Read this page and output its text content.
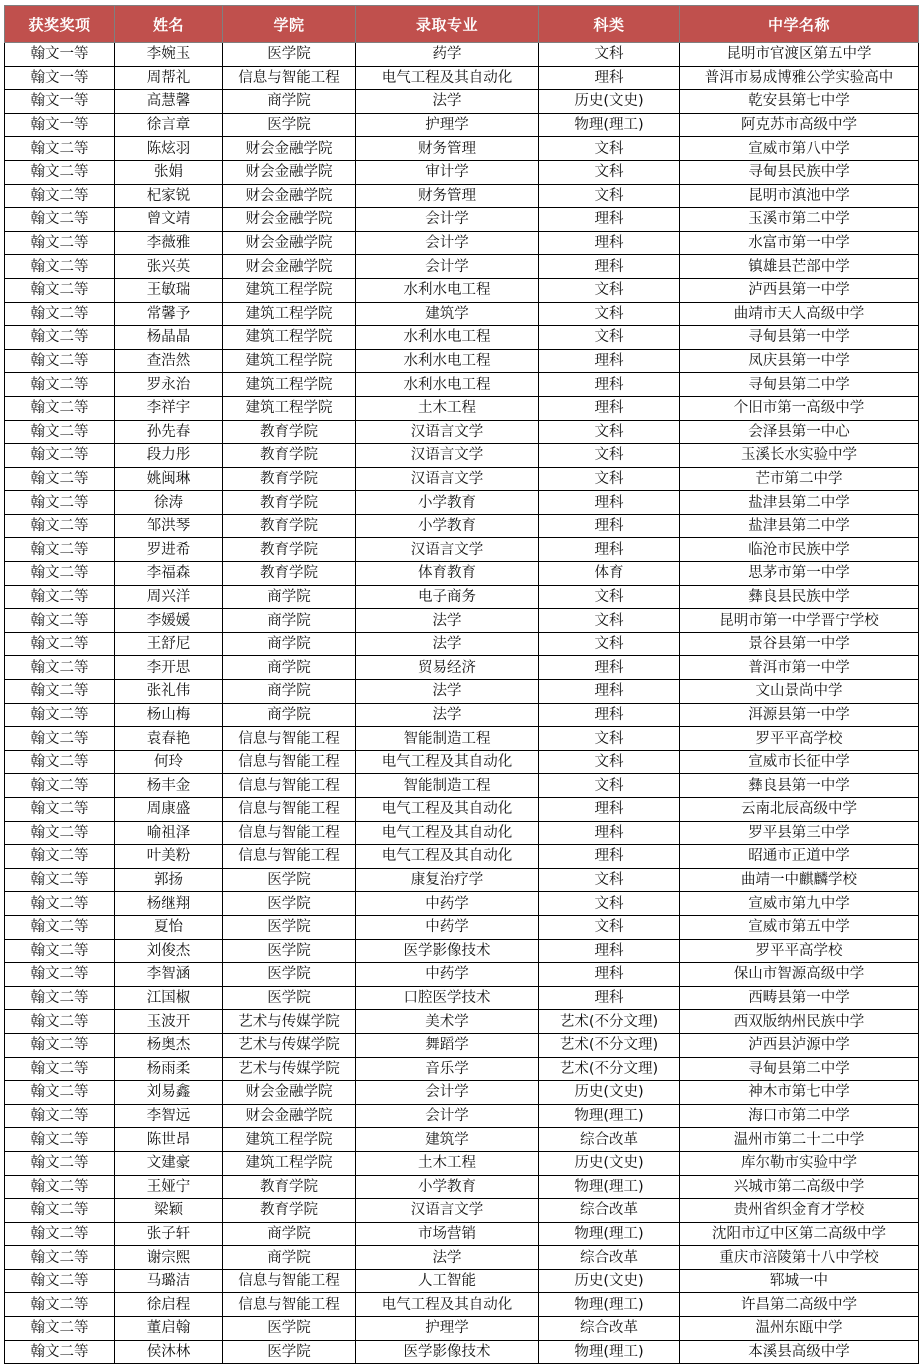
获奖奖项	姓名	学院	录取专业	科类	中学名称
翰文一等	李婉玉	医学院	药学	文科	昆明市官渡区第五中学
翰文一等	周帮礼	信息与智能工程	电气工程及其自动化	理科	普洱市易成博雅公学实验高中
翰文一等	高慧馨	商学院	法学	历史(文史)	乾安县第七中学
翰文一等	徐言章	医学院	护理学	物理(理工)	阿克苏市高级中学
翰文二等	陈炫羽	财会金融学院	财务管理	文科	宣威市第八中学
翰文二等	张娟	财会金融学院	审计学	文科	寻甸县民族中学
翰文二等	杞家锐	财会金融学院	财务管理	文科	昆明市滇池中学
翰文二等	曾文靖	财会金融学院	会计学	理科	玉溪市第二中学
翰文二等	李薇雅	财会金融学院	会计学	理科	水富市第一中学
翰文二等	张兴英	财会金融学院	会计学	理科	镇雄县芒部中学
翰文二等	王敏瑞	建筑工程学院	水利水电工程	文科	泸西县第一中学
翰文二等	常馨予	建筑工程学院	建筑学	文科	曲靖市天人高级中学
翰文二等	杨晶晶	建筑工程学院	水利水电工程	文科	寻甸县第一中学
翰文二等	查浩然	建筑工程学院	水利水电工程	理科	凤庆县第一中学
翰文二等	罗永治	建筑工程学院	水利水电工程	理科	寻甸县第二中学
翰文二等	李祥宇	建筑工程学院	土木工程	理科	个旧市第一高级中学
翰文二等	孙先春	教育学院	汉语言文学	文科	会泽县第一中心
翰文二等	段力彤	教育学院	汉语言文学	文科	玉溪长水实验中学
翰文二等	姚闽琳	教育学院	汉语言文学	文科	芒市第二中学
翰文二等	徐涛	教育学院	小学教育	理科	盐津县第二中学
翰文二等	邹洪琴	教育学院	小学教育	理科	盐津县第二中学
翰文二等	罗进希	教育学院	汉语言文学	理科	临沧市民族中学
翰文二等	李福森	教育学院	体育教育	体育	思茅市第一中学
翰文二等	周兴洋	商学院	电子商务	文科	彝良县民族中学
翰文二等	李媛媛	商学院	法学	文科	昆明市第一中学晋宁学校
翰文二等	王舒尼	商学院	法学	文科	景谷县第一中学
翰文二等	李开思	商学院	贸易经济	理科	普洱市第一中学
翰文二等	张礼伟	商学院	法学	理科	文山景尚中学
翰文二等	杨山梅	商学院	法学	理科	洱源县第一中学
翰文二等	袁春艳	信息与智能工程	智能制造工程	文科	罗平平高学校
翰文二等	何玲	信息与智能工程	电气工程及其自动化	文科	宣威市长征中学
翰文二等	杨丰金	信息与智能工程	智能制造工程	文科	彝良县第一中学
翰文二等	周康盛	信息与智能工程	电气工程及其自动化	理科	云南北辰高级中学
翰文二等	喻祖泽	信息与智能工程	电气工程及其自动化	理科	罗平县第三中学
翰文二等	叶美粉	信息与智能工程	电气工程及其自动化	理科	昭通市正道中学
翰文二等	郭扬	医学院	康复治疗学	文科	曲靖一中麒麟学校
翰文二等	杨继翔	医学院	中药学	文科	宣威市第九中学
翰文二等	夏怡	医学院	中药学	文科	宣威市第五中学
翰文二等	刘俊杰	医学院	医学影像技术	理科	罗平平高学校
翰文二等	李智涵	医学院	中药学	理科	保山市智源高级中学
翰文二等	江国椒	医学院	口腔医学技术	理科	西畴县第一中学
翰文二等	玉波开	艺术与传媒学院	美术学	艺术(不分文理)	西双版纳州民族中学
翰文二等	杨奥杰	艺术与传媒学院	舞蹈学	艺术(不分文理)	泸西县泸源中学
翰文二等	杨雨柔	艺术与传媒学院	音乐学	艺术(不分文理)	寻甸县第二中学
翰文二等	刘易鑫	财会金融学院	会计学	历史(文史)	神木市第七中学
翰文二等	李智远	财会金融学院	会计学	物理(理工)	海口市第二中学
翰文二等	陈世昂	建筑工程学院	建筑学	综合改革	温州市第二十二中学
翰文二等	文建豪	建筑工程学院	土木工程	历史(文史)	库尔勒市实验中学
翰文二等	王娅宁	教育学院	小学教育	物理(理工)	兴城市第二高级中学
翰文二等	梁颖	教育学院	汉语言文学	综合改革	贵州省织金育才学校
翰文二等	张子轩	商学院	市场营销	物理(理工)	沈阳市辽中区第二高级中学
翰文二等	谢宗熙	商学院	法学	综合改革	重庆市涪陵第十八中学校
翰文二等	马璐洁	信息与智能工程	人工智能	历史(文史)	郓城一中
翰文二等	徐启程	信息与智能工程	电气工程及其自动化	物理(理工)	许昌第二高级中学
翰文二等	董启翰	医学院	护理学	综合改革	温州东瓯中学
翰文二等	侯沐林	医学院	医学影像技术	物理(理工)	本溪县高级中学
